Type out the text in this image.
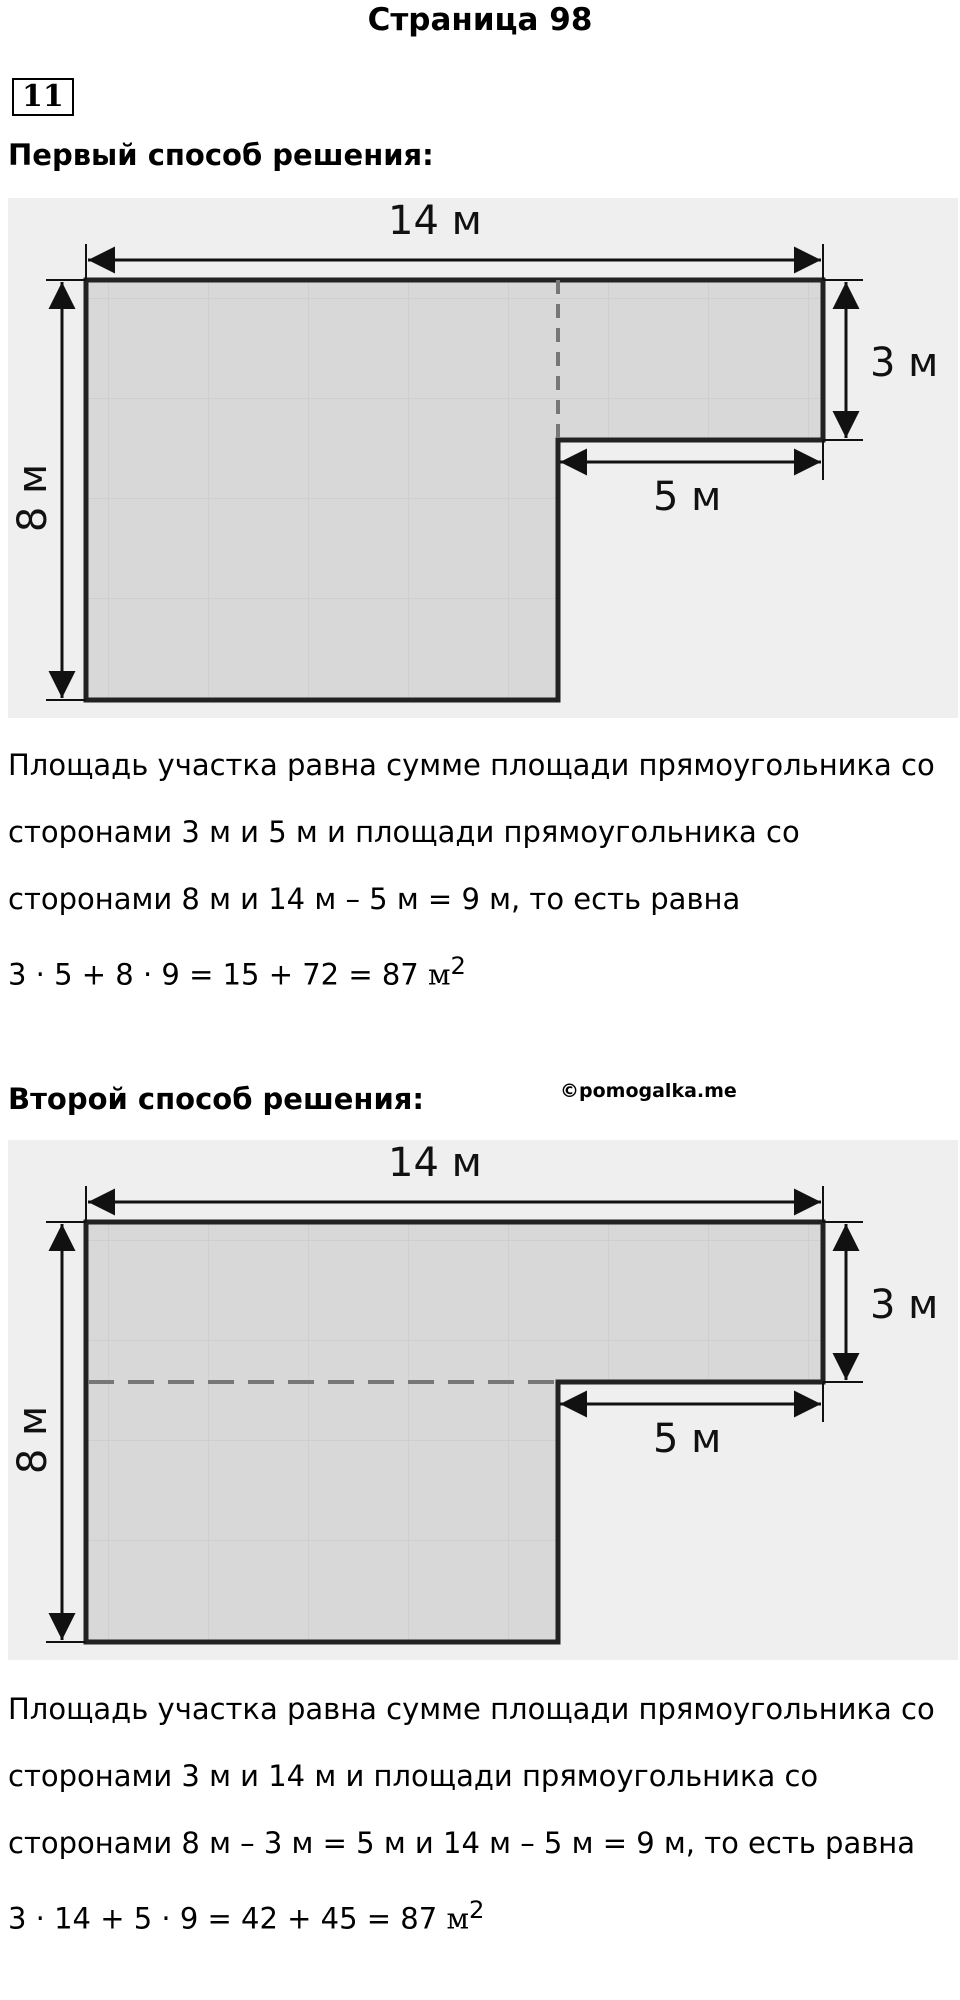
Страница 98
11
Первый способ решения:
14 м
8 м
3 м
5 м
Площадь участка равна сумме площади прямоугольника со
сторонами 3 м и 5 м и площади прямоугольника со
сторонами 8 м и 14 м – 5 м = 9 м, то есть равна
3 · 5 + 8 · 9 = 15 + 72 = 87 $м^2$
Второй способ решения:	©pomogalka.me
14 м
8 м
3 м
5 м
Площадь участка равна сумме площади прямоугольника со
сторонами 3 м и 14 м и площади прямоугольника со
сторонами 8 м – 3 м = 5 м и 14 м – 5 м = 9 м, то есть равна
3 · 14 + 5 · 9 = 42 + 45 = 87 $м^2$
